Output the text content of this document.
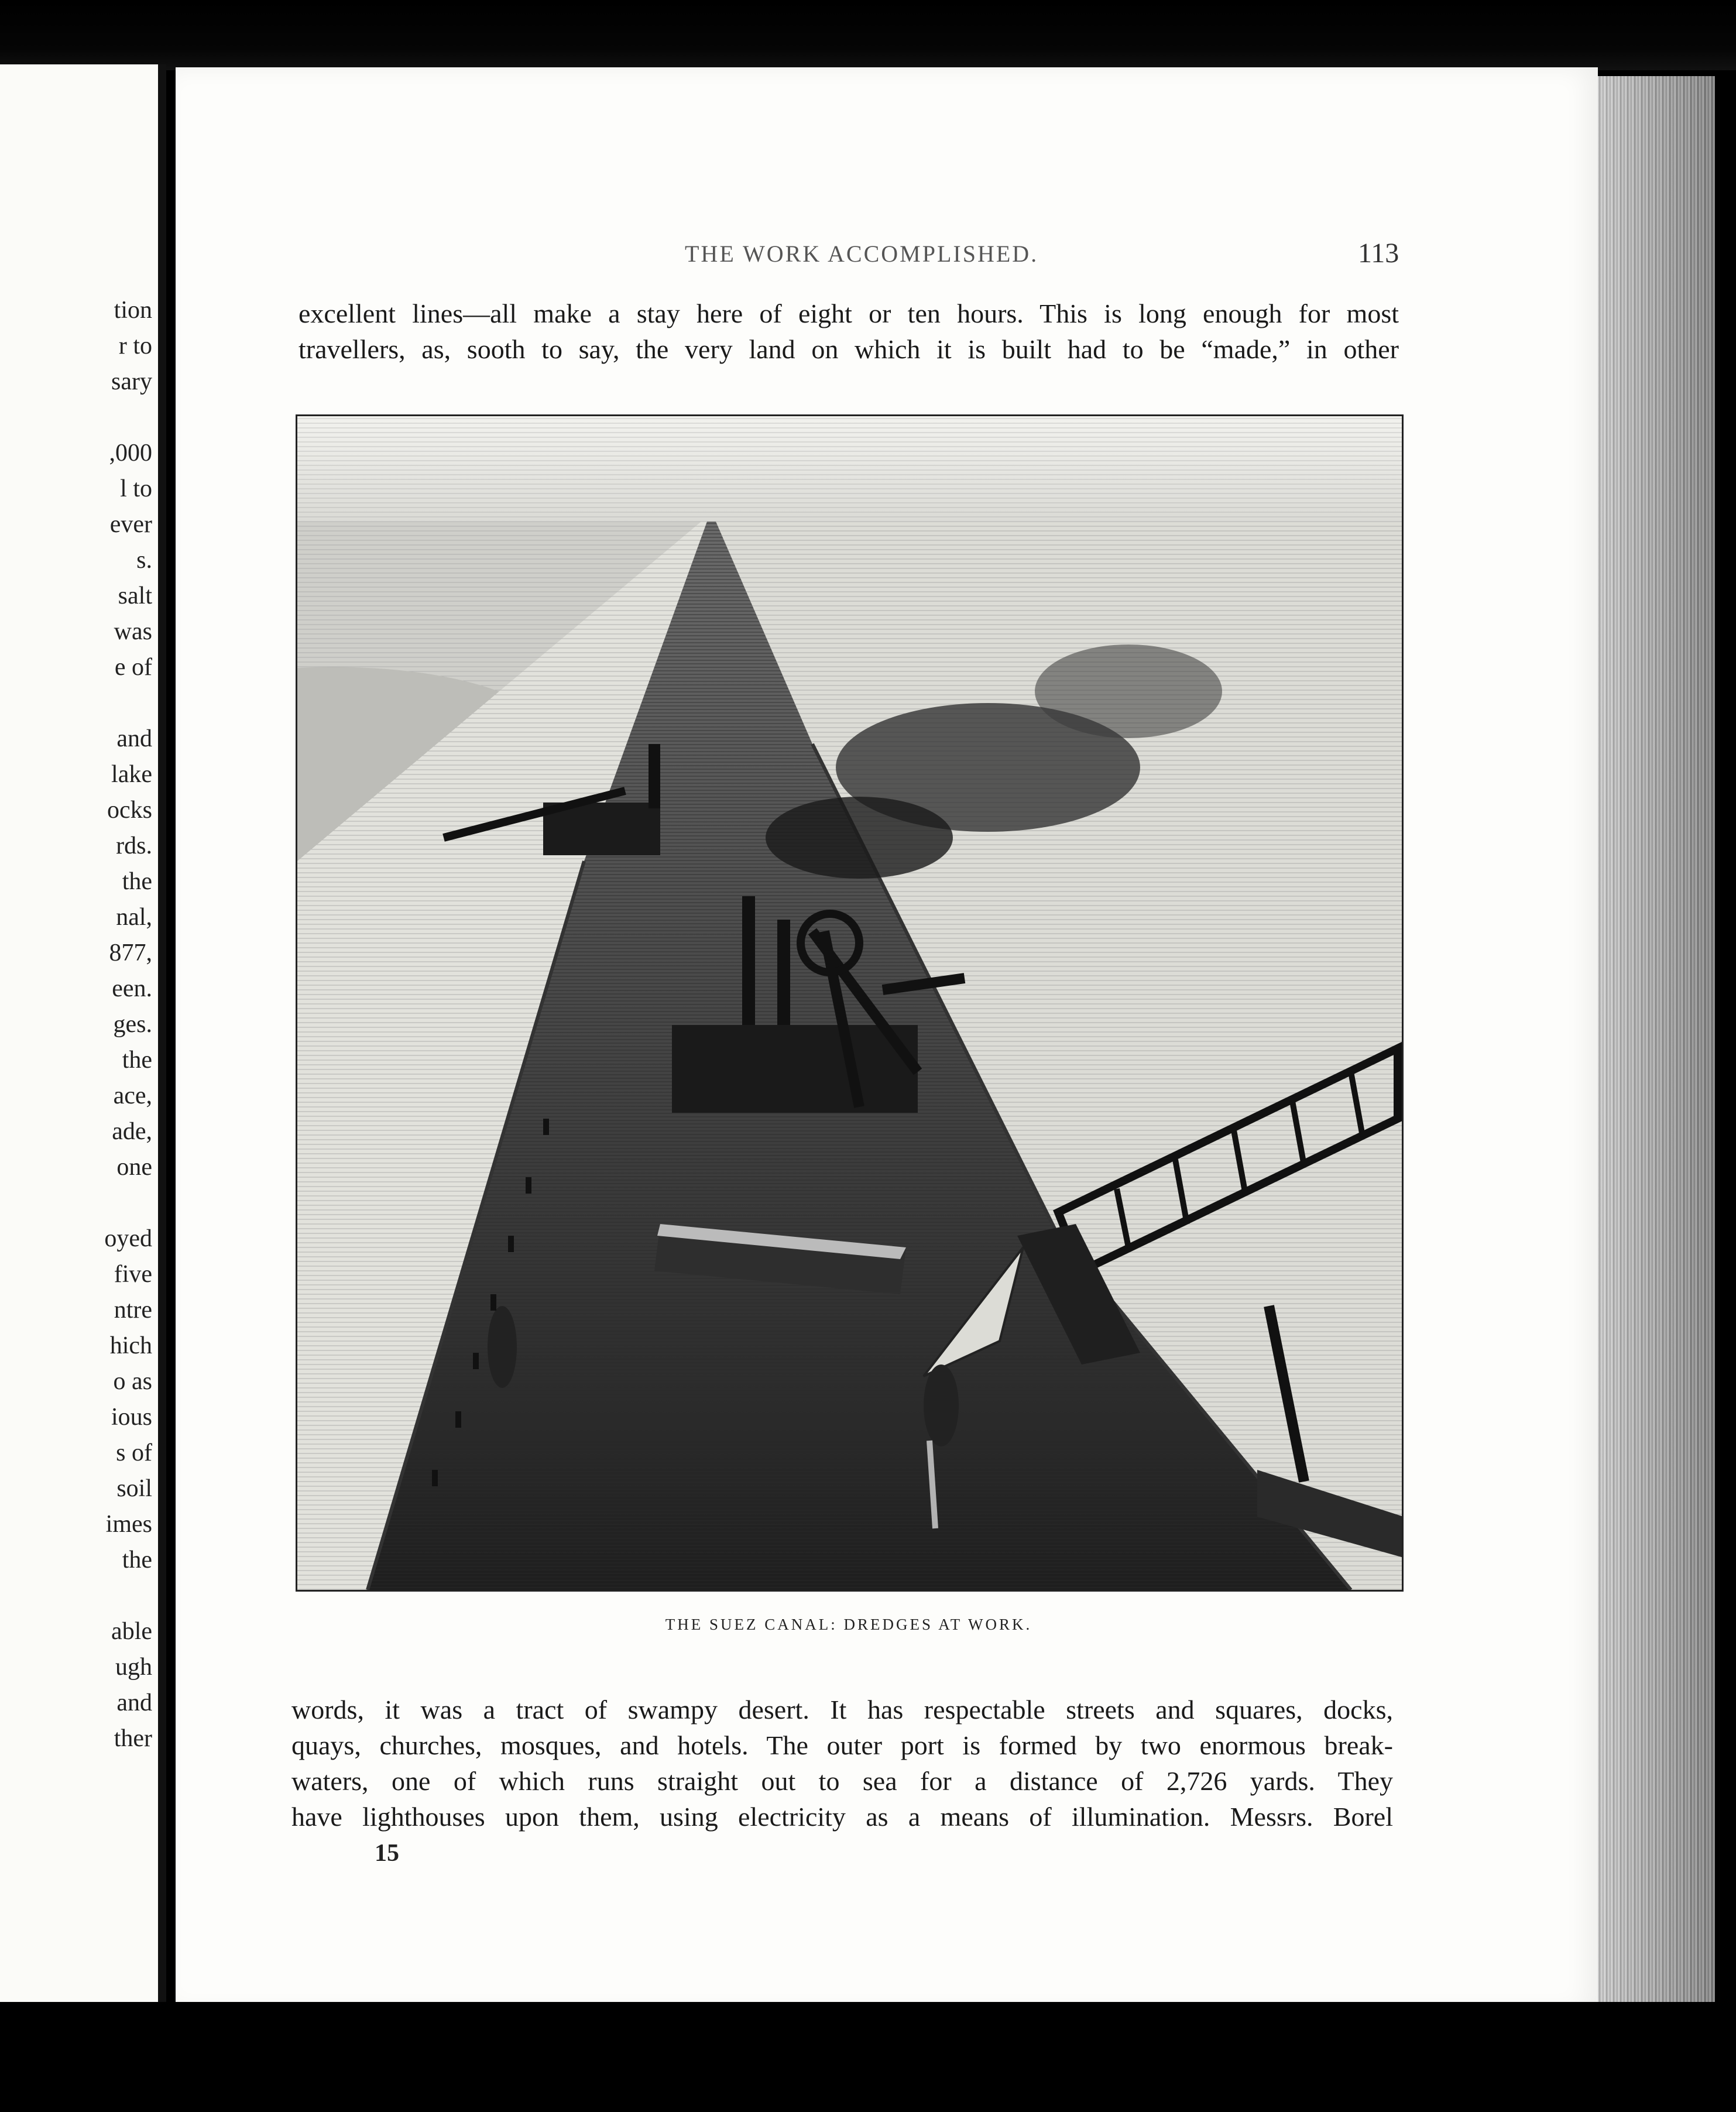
tion
r to
sary
,000
l to
ever
s.
salt
was
e of
and
lake
ocks
rds.
the
nal,
877,
een.
ges.
the
ace,
ade,
one
oyed
five
ntre
hich
o as
ious
s of
soil
imes
the
able
ugh
and
ther
THE WORK ACCOMPLISHED.	113
excellent lines—all make a stay here of eight or ten hours. This is long enough for most
travellers, as, sooth to say, the very land on which it is built had to be “made,” in other
THE SUEZ CANAL: DREDGES AT WORK.
words, it was a tract of swampy desert. It has respectable streets and squares, docks,
quays, churches, mosques, and hotels. The outer port is formed by two enormous break-
waters, one of which runs straight out to sea for a distance of 2,726 yards. They
have lighthouses upon them, using electricity as a means of illumination. Messrs. Borel
15
